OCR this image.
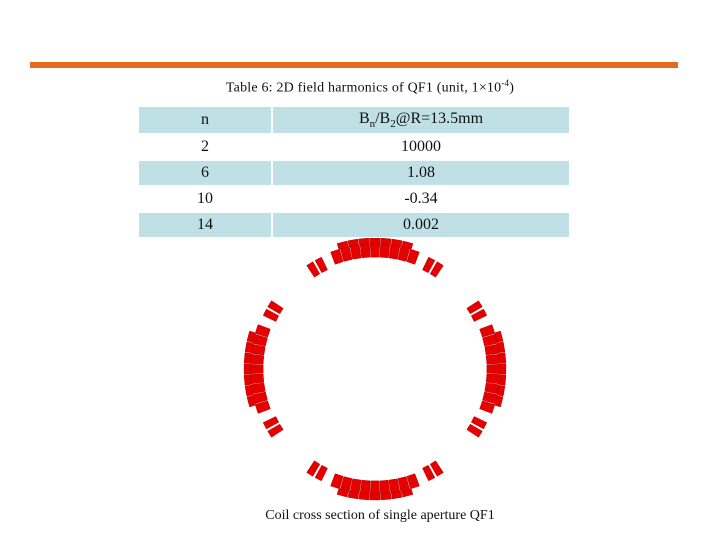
Table 6: 2D field harmonics of QF1 (unit, $1\times 10^{-4}$)
n	$B_n/B_2@R=13.5mm$
2	10000
6	1.08
10	-0.34
14	0.002
Coil cross section of single aperture QF1
